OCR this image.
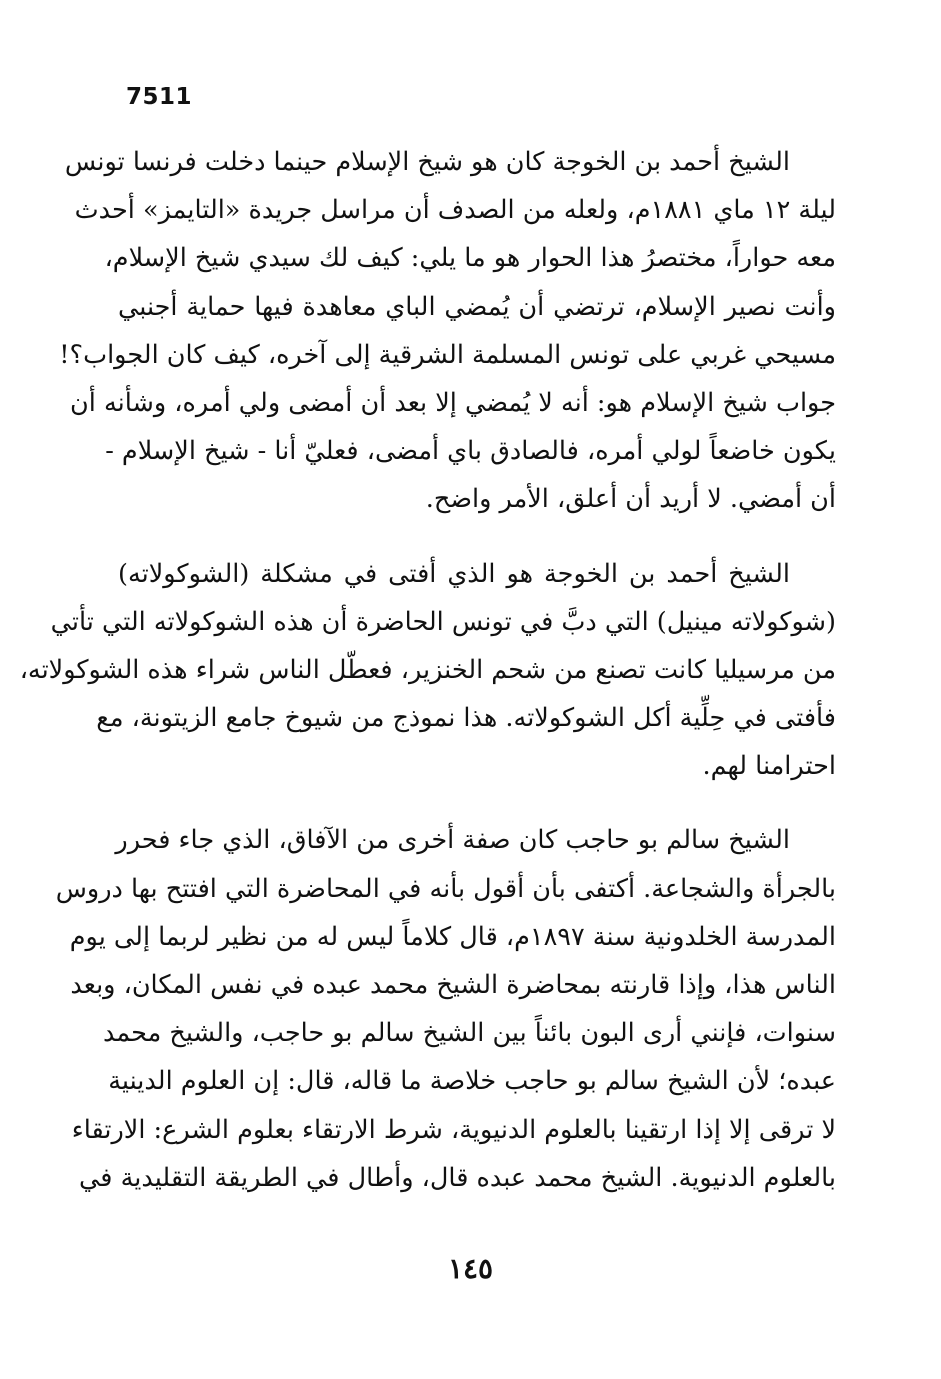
7511
الشيخ أحمد بن الخوجة كان هو شيخ الإسلام حينما دخلت فرنسا تونس
ليلة ١٢ ماي ١٨٨١م، ولعله من الصدف أن مراسل جريدة «التايمز» أحدث
معه حواراً، مختصرُ هذا الحوار هو ما يلي: كيف لك سيدي شيخ الإسلام،
وأنت نصير الإسلام، ترتضي أن يُمضي الباي معاهدة فيها حماية أجنبي
مسيحي غربي على تونس المسلمة الشرقية إلى آخره، كيف كان الجواب؟!
جواب شيخ الإسلام هو: أنه لا يُمضي إلا بعد أن أمضى ولي أمره، وشأنه أن
يكون خاضعاً لولي أمره، فالصادق باي أمضى، فعليّ أنا - شيخ الإسلام -
أن أمضي. لا أريد أن أعلق، الأمر واضح.
الشيخ أحمد بن الخوجة هو الذي أفتى في مشكلة (الشوكولاته)
(شوكولاته مينيل) التي دبَّ في تونس الحاضرة أن هذه الشوكولاته التي تأتي
من مرسيليا كانت تصنع من شحم الخنزير، فعطّل الناس شراء هذه الشوكولاته،
فأفتى في حِلِّية أكل الشوكولاته. هذا نموذج من شيوخ جامع الزيتونة، مع
احترامنا لهم.
الشيخ سالم بو حاجب كان صفة أخرى من الآفاق، الذي جاء فحرر
بالجرأة والشجاعة. أكتفى بأن أقول بأنه في المحاضرة التي افتتح بها دروس
المدرسة الخلدونية سنة ١٨٩٧م، قال كلاماً ليس له من نظير لربما إلى يوم
الناس هذا، وإذا قارنته بمحاضرة الشيخ محمد عبده في نفس المكان، وبعد
سنوات، فإنني أرى البون بائناً بين الشيخ سالم بو حاجب، والشيخ محمد
عبده؛ لأن الشيخ سالم بو حاجب خلاصة ما قاله، قال: إن العلوم الدينية
لا ترقى إلا إذا ارتقينا بالعلوم الدنيوية، شرط الارتقاء بعلوم الشرع: الارتقاء
بالعلوم الدنيوية. الشيخ محمد عبده قال، وأطال في الطريقة التقليدية في
١٤٥
